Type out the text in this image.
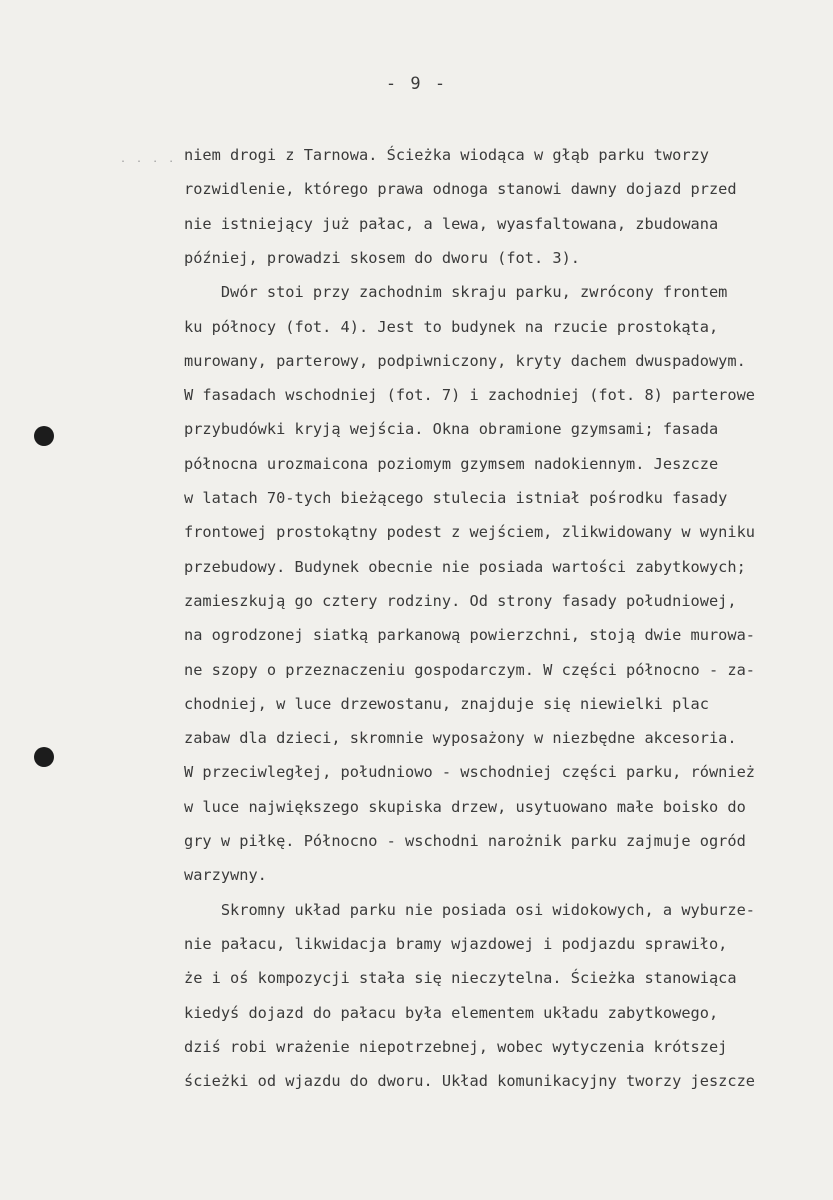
- 9 -
. . . . niem drogi z Tarnowa. Ścieżka wiodąca w głąb parku tworzy
rozwidlenie, którego prawa odnoga stanowi dawny dojazd przed
nie istniejący już pałac, a lewa, wyasfaltowana, zbudowana
później, prowadzi skosem do dworu (fot. 3).
Dwór stoi przy zachodnim skraju parku, zwrócony frontem
ku północy (fot. 4). Jest to budynek na rzucie prostokąta,
murowany, parterowy, podpiwniczony, kryty dachem dwuspadowym.
W fasadach wschodniej (fot. 7) i zachodniej (fot. 8) parterowe
przybudówki kryją wejścia. Okna obramione gzymsami; fasada
północna urozmaicona poziomym gzymsem nadokiennym. Jeszcze
w latach 70-tych bieżącego stulecia istniał pośrodku fasady
frontowej prostokątny podest z wejściem, zlikwidowany w wyniku
przebudowy. Budynek obecnie nie posiada wartości zabytkowych;
zamieszkują go cztery rodziny. Od strony fasady południowej,
na ogrodzonej siatką parkanową powierzchni, stoją dwie murowa-
ne szopy o przeznaczeniu gospodarczym. W części północno - za-
chodniej, w luce drzewostanu, znajduje się niewielki plac
zabaw dla dzieci, skromnie wyposażony w niezbędne akcesoria.
W przeciwległej, południowo - wschodniej części parku, również
w luce największego skupiska drzew, usytuowano małe boisko do
gry w piłkę. Północno - wschodni narożnik parku zajmuje ogród
warzywny.
Skromny układ parku nie posiada osi widokowych, a wyburze-
nie pałacu, likwidacja bramy wjazdowej i podjazdu sprawiło,
że i oś kompozycji stała się nieczytelna. Ścieżka stanowiąca
kiedyś dojazd do pałacu była elementem układu zabytkowego,
dziś robi wrażenie niepotrzebnej, wobec wytyczenia krótszej
ścieżki od wjazdu do dworu. Układ komunikacyjny tworzy jeszcze
